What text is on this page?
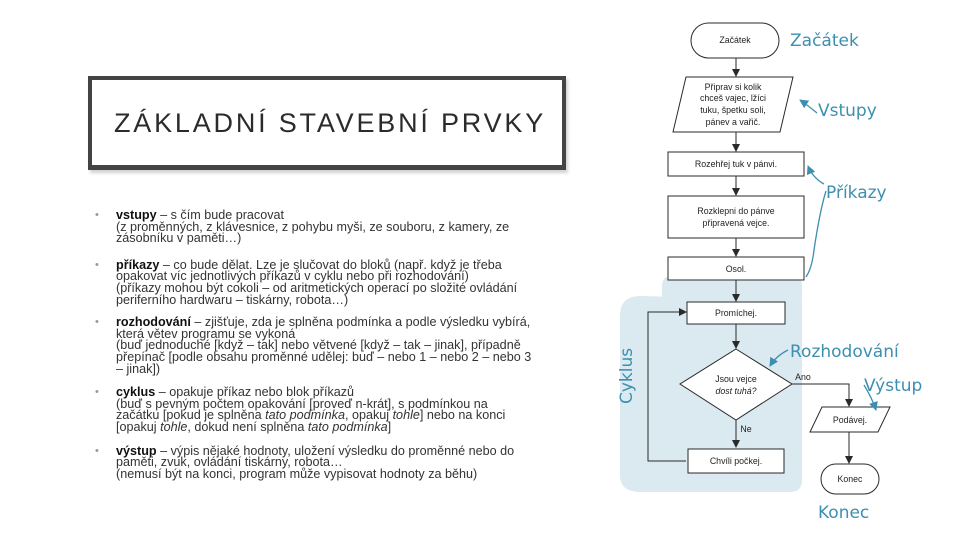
ZÁKLADNÍ STAVEBNÍ PRVKY
• vstupy – s čím bude pracovat

(z proměnných, z klávesnice, z pohybu myši, ze souboru, z kamery, ze zásobníku v paměti…)

• příkazy – co bude dělat. Lze je slučovat do bloků (např. když je třeba opakovat víc jednotlivých příkazů v cyklu nebo při rozhodování)

(příkazy mohou být cokoli – od aritmetických operací po složité ovládání periferního hardwaru – tiskárny, robota…)

• rozhodování – zjišťuje, zda je splněna podmínka a podle výsledku vybírá, která větev programu se vykoná

(buď jednoduché [když – tak] nebo větvené [když – tak – jinak], případně přepínač [podle obsahu proměnné udělej: buď – nebo 1 – nebo 2 – nebo 3 – jinak])

• cyklus – opakuje příkaz nebo blok příkazů

(buď s pevným počtem opakování [proveď n-krát], s podmínkou na začátku [pokud je splněna tato podmínka, opakuj tohle] nebo na konci [opakuj tohle, dokud není splněna tato podmínka]

• výstup – výpis nějaké hodnoty, uložení výsledku do proměnné nebo do paměti, zvuk, ovládání tiskárny, robota…

(nemusí být na konci, program může vypisovat hodnoty za běhu)

Začátek
Připrav si kolik
chceš vajec, lžíci
tuku, špetku soli,
pánev a vařič.
Rozehřej tuk v pánvi.
Rozklepni do pánve
připravená vejce.
Osol.
Promíchej.
Jsou vejce
dost tuhá?
Ano
Ne
Podávej.
Chvíli počkej.
Konec
Začátek
Vstupy
Příkazy
Rozhodování
Výstup
Konec
Cyklus
